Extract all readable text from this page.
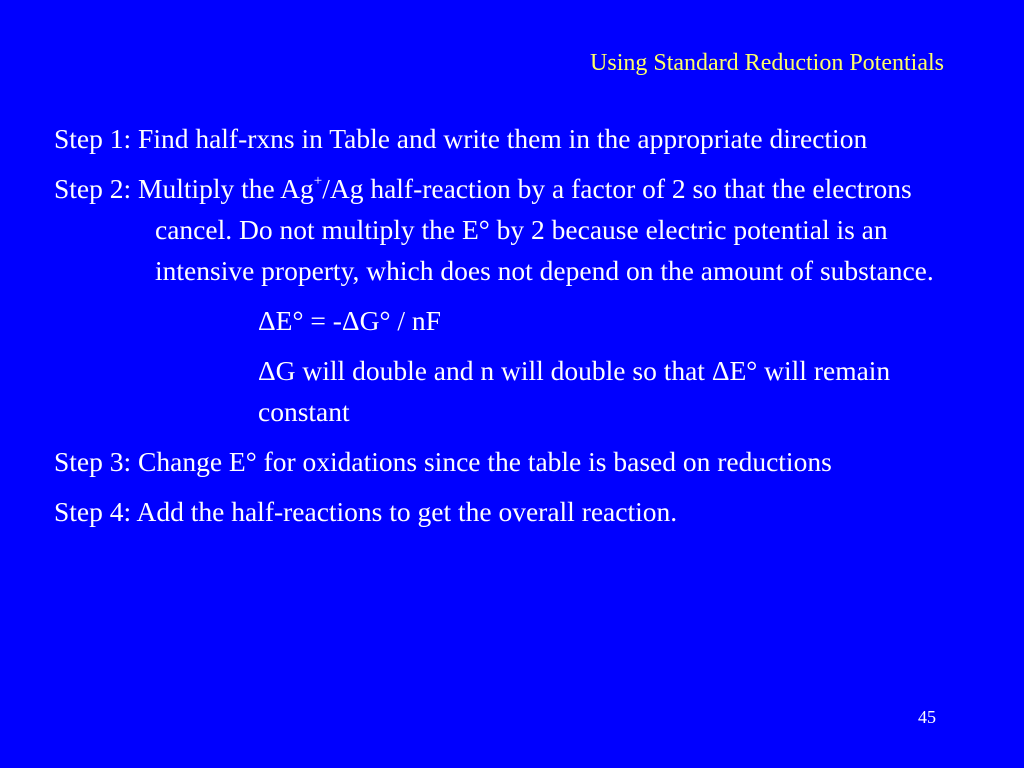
Using Standard Reduction Potentials

Step 1: Find half-rxns in Table and write them in the appropriate direction

Step 2: Multiply the Ag+/Ag half-reaction by a factor of 2 so that the electrons cancel. Do not multiply the E° by 2 because electric potential is an intensive property, which does not depend on the amount of substance.

ΔE° = -ΔG° / nF

ΔG will double and n will double so that ΔE° will remain constant

Step 3: Change E° for oxidations since the table is based on reductions

Step 4: Add the half-reactions to get the overall reaction.

45
